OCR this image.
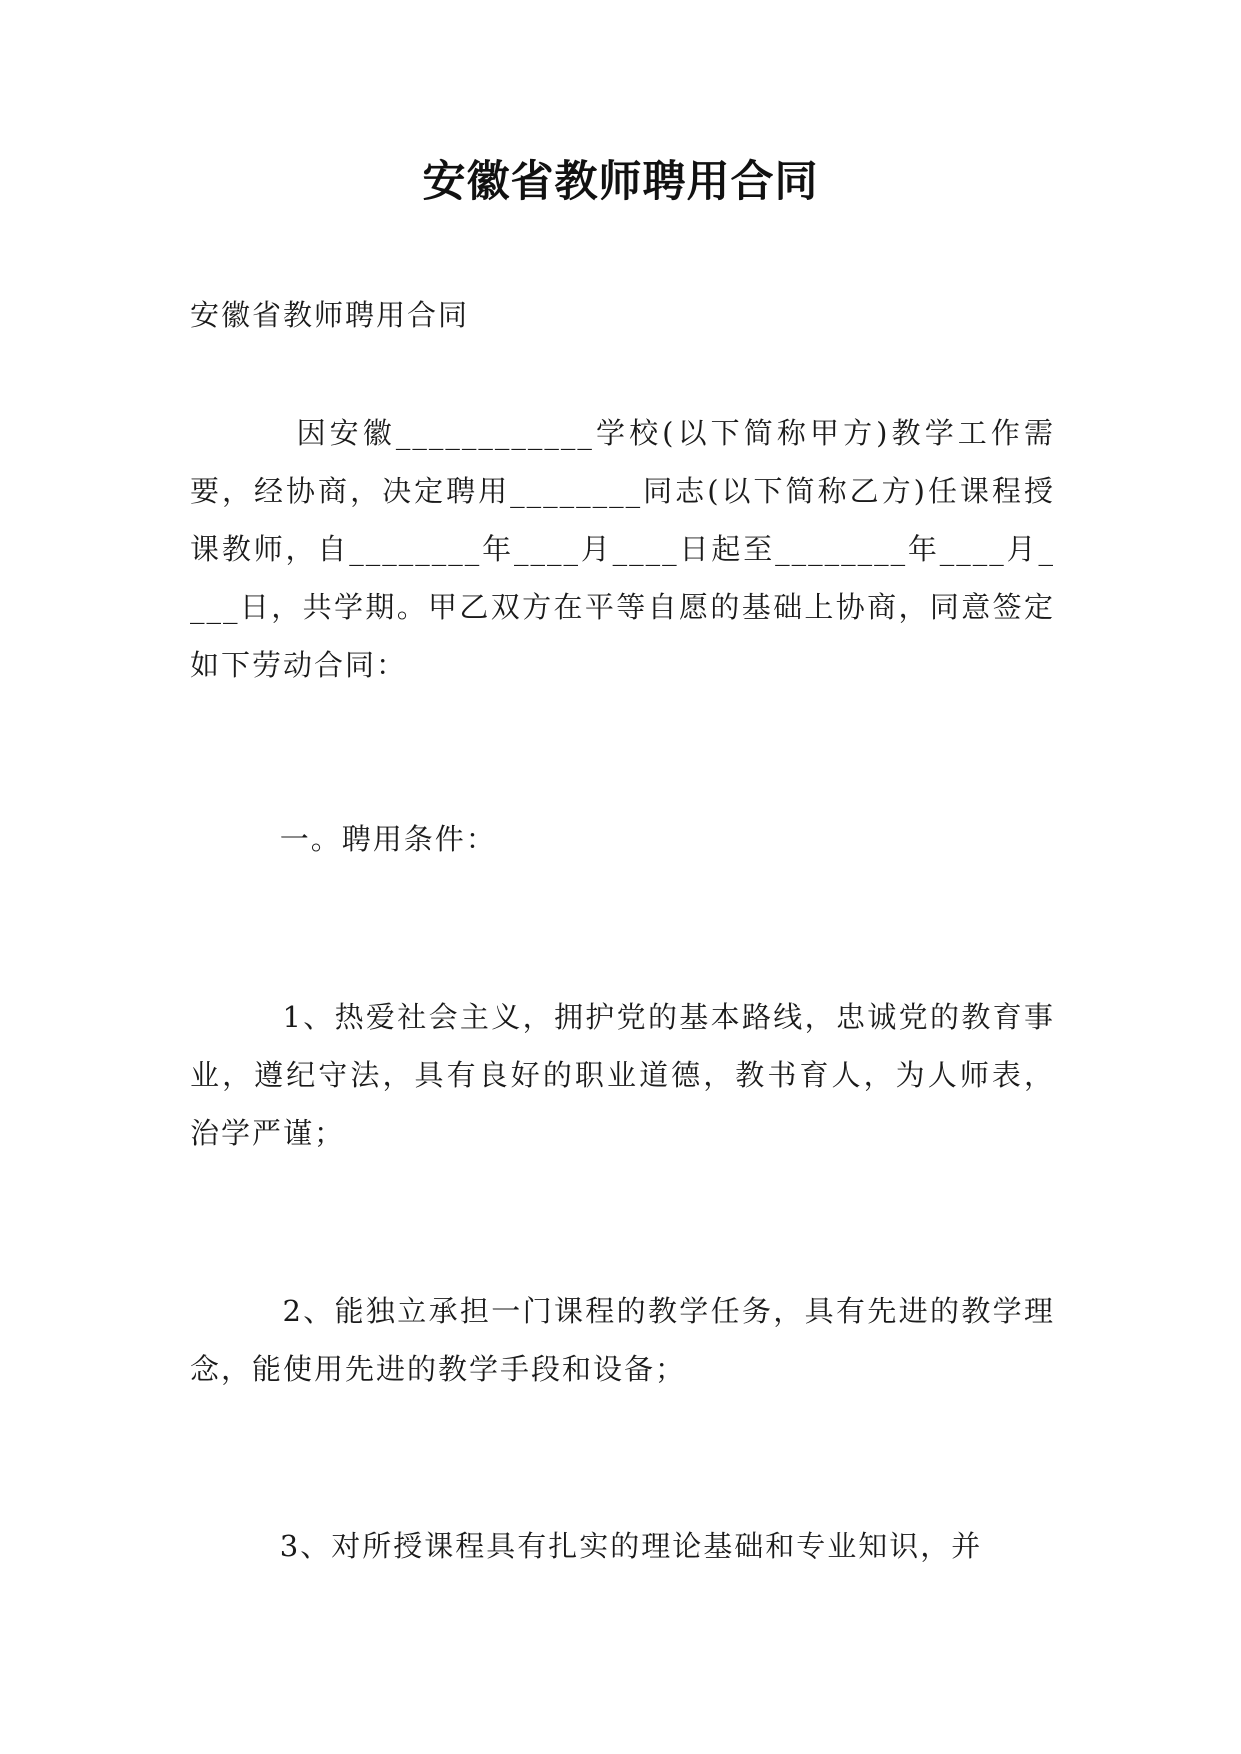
安徽省教师聘用合同
安徽省教师聘用合同
因安徽____________学校(以下简称甲方)教学工作需要，经协商，决定聘用________同志(以下简称乙方)任课程授课教师，自________年____月____日起至________年____月____日，共学期。甲乙双方在平等自愿的基础上协商，同意签定如下劳动合同：
一。聘用条件：
1、热爱社会主义，拥护党的基本路线，忠诚党的教育事业，遵纪守法，具有良好的职业道德，教书育人，为人师表，治学严谨；
2、能独立承担一门课程的教学任务，具有先进的教学理念，能使用先进的教学手段和设备；
3、对所授课程具有扎实的理论基础和专业知识，并
